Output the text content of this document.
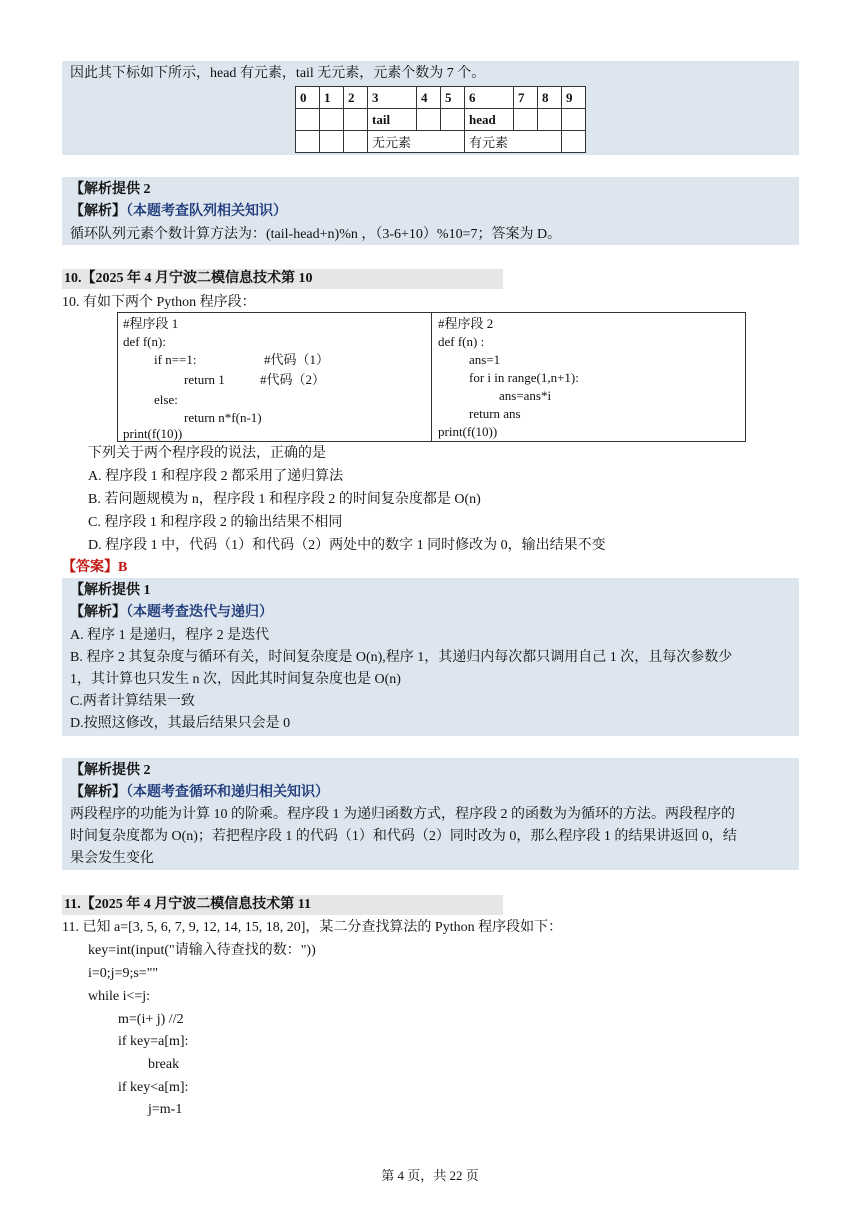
因此其下标如下所示，head 有元素，tail 无元素，元素个数为 7 个。
0	1	2	3	4	5	6	7	8	9
			tail			head			
			无元素			有元素			
【解析提供 2
【解析】（本题考查队列相关知识）
循环队列元素个数计算方法为：(tail-head+n)%n ，（3-6+10）%10=7；答案为 D。
10.【2025 年 4 月宁波二模信息技术第 10
10. 有如下两个 Python 程序段：
#程序段 1
def f(n):
if n==1:	#代码（1）
return 1	#代码（2）
else:
return n*f(n-1)
print(f(10))
#程序段 2
def f(n) :
ans=1
for i in range(1,n+1):
ans=ans*i
return ans
print(f(10))
下列关于两个程序段的说法，正确的是
A. 程序段 1 和程序段 2 都采用了递归算法
B. 若问题规模为 n，程序段 1 和程序段 2 的时间复杂度都是 O(n)
C. 程序段 1 和程序段 2 的输出结果不相同
D. 程序段 1 中，代码（1）和代码（2）两处中的数字 1 同时修改为 0，输出结果不变
【答案】B
【解析提供 1
【解析】（本题考查迭代与递归）
A. 程序 1 是递归，程序 2 是迭代
B. 程序 2 其复杂度与循环有关，时间复杂度是 O(n),程序 1，其递归内每次都只调用自己 1 次，且每次参数少
1，其计算也只发生 n 次，因此其时间复杂度也是 O(n)
C.两者计算结果一致
D.按照这修改，其最后结果只会是 0
【解析提供 2
【解析】（本题考查循环和递归相关知识）
两段程序的功能为计算 10 的阶乘。程序段 1 为递归函数方式，程序段 2 的函数为为循环的方法。两段程序的
时间复杂度都为 O(n)；若把程序段 1 的代码（1）和代码（2）同时改为 0，那么程序段 1 的结果讲返回 0，结
果会发生变化
11.【2025 年 4 月宁波二模信息技术第 11
11. 已知 a=[3, 5, 6, 7, 9, 12, 14, 15, 18, 20]，某二分查找算法的 Python 程序段如下：
key=int(input("请输入待查找的数："))
i=0;j=9;s=""
while i<=j:
m=(i+ j) //2
if key=a[m]:
break
if key<a[m]:
j=m-1
第 4 页，共 22 页
